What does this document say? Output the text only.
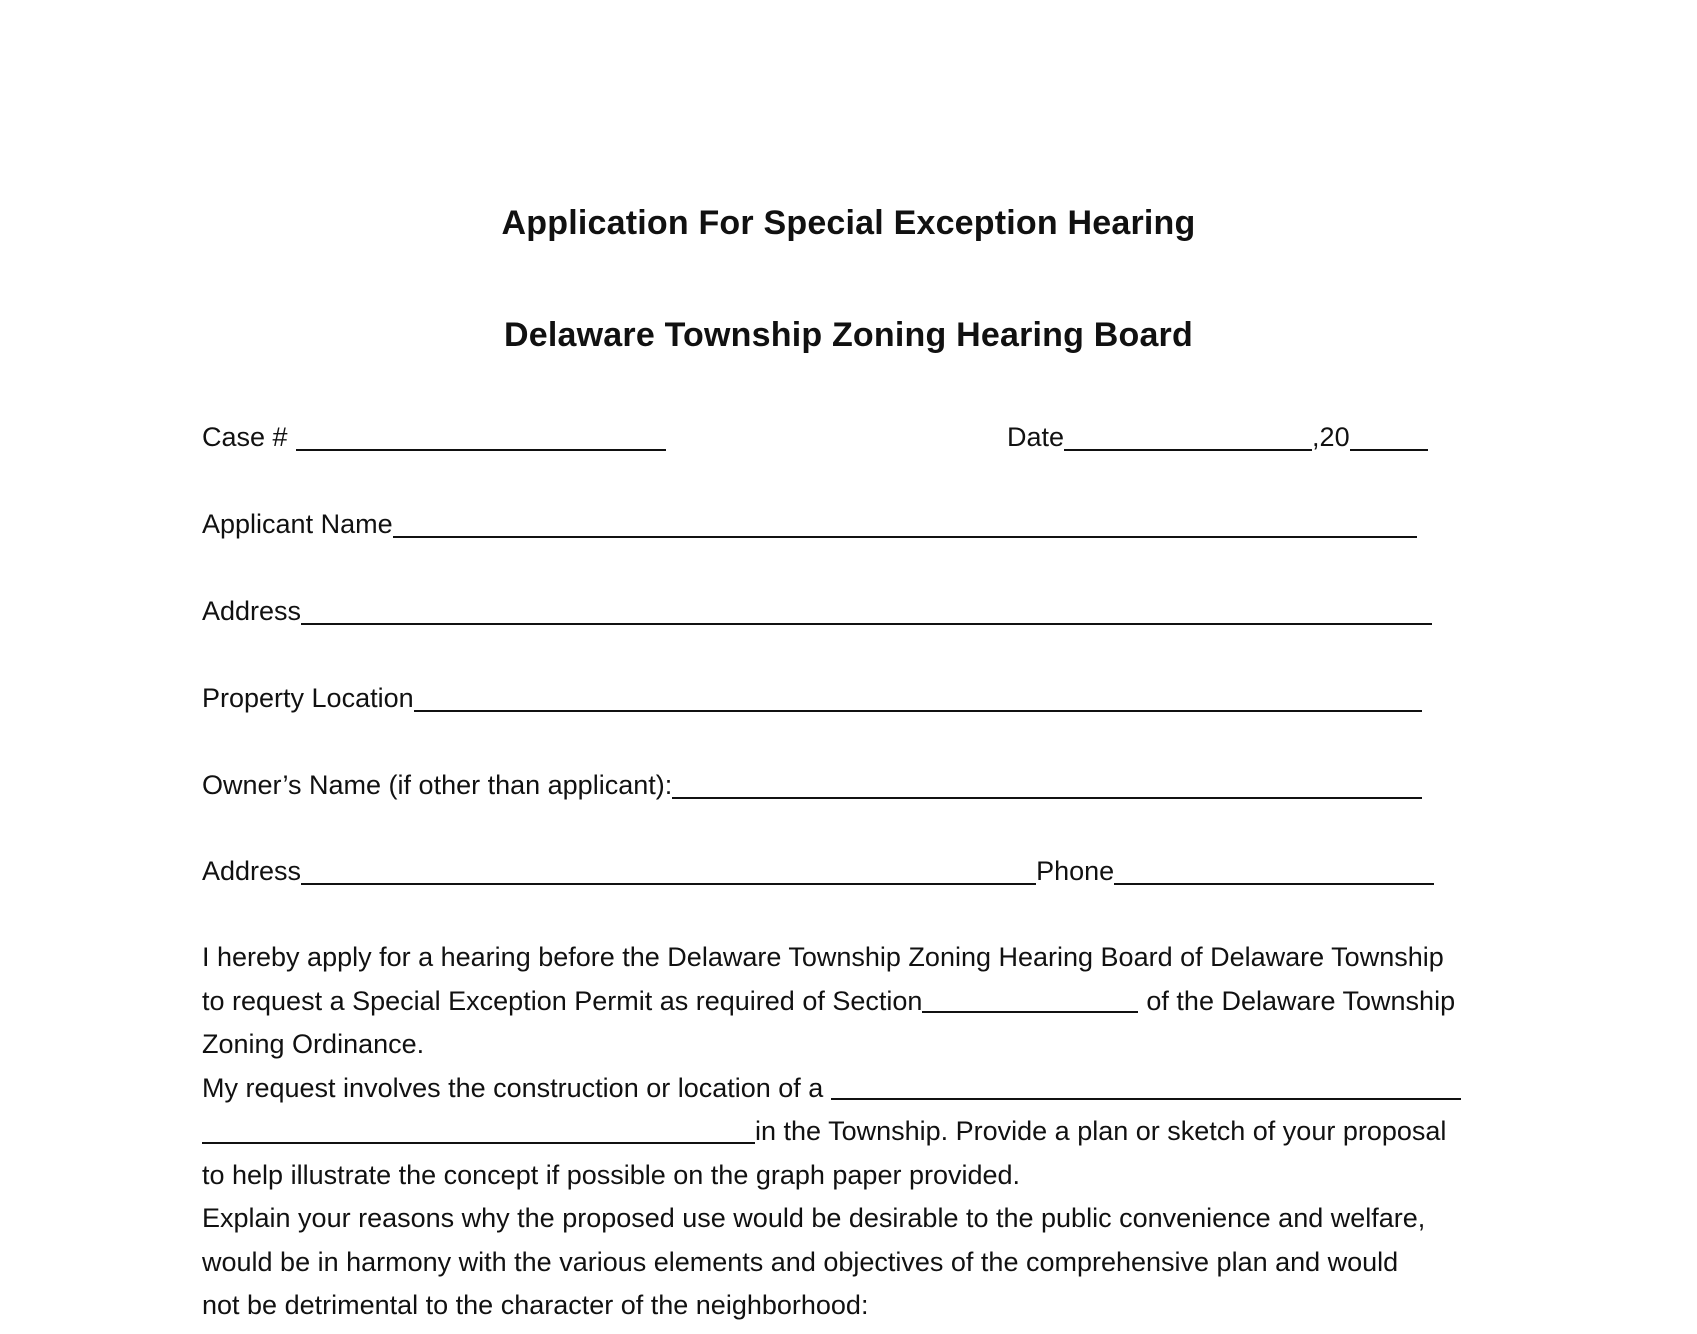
Application For Special Exception Hearing
Delaware Township Zoning Hearing Board
Case #	Date	,20
Applicant Name
Address
Property Location
Owner’s Name (if other than applicant):
Address	Phone
I hereby apply for a hearing before the Delaware Township Zoning Hearing Board of Delaware Township
to request a Special Exception Permit as required of Section	of the Delaware Township
Zoning Ordinance.
My request involves the construction or location of a
in the Township. Provide a plan or sketch of your proposal
to help illustrate the concept if possible on the graph paper provided.
Explain your reasons why the proposed use would be desirable to the public convenience and welfare,
would be in harmony with the various elements and objectives of the comprehensive plan and would
not be detrimental to the character of the neighborhood:
